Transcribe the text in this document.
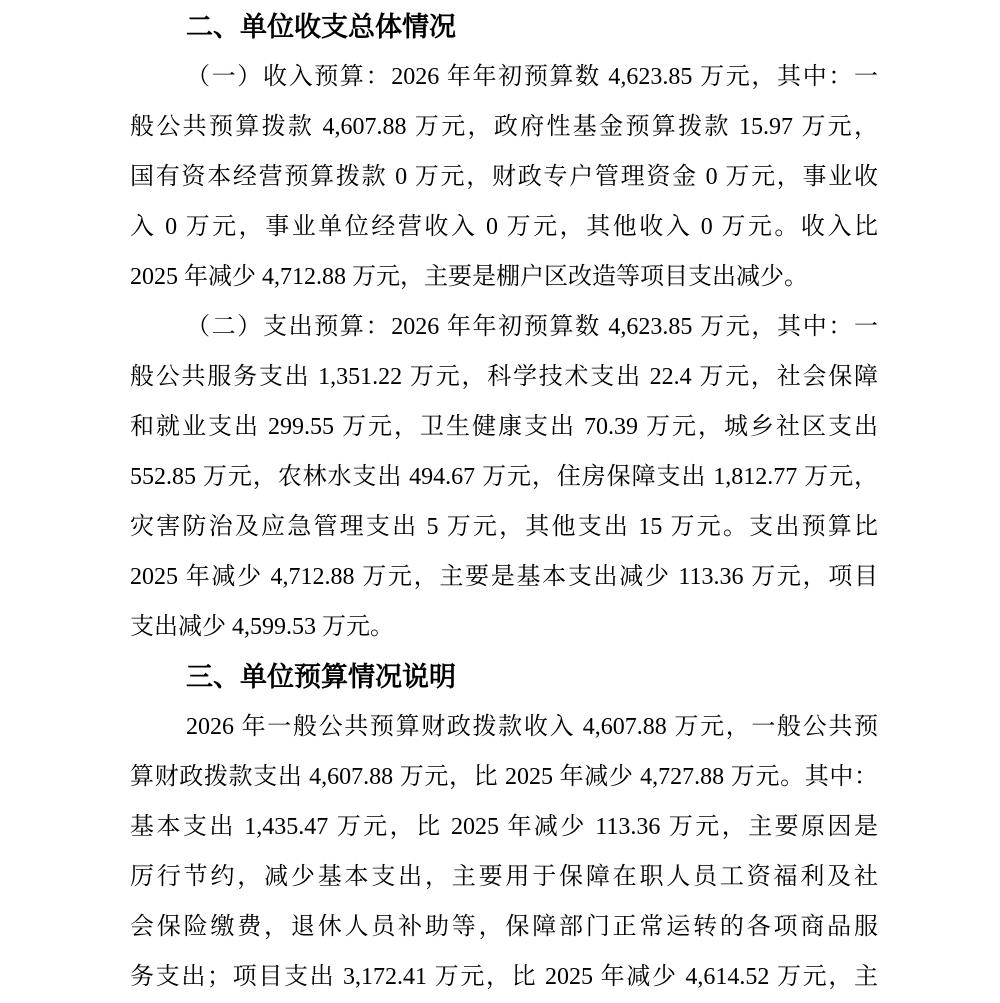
二、单位收支总体情况
（一）收入预算：2026 年年初预算数 4,623.85 万元，其中：一
般公共预算拨款 4,607.88 万元，政府性基金预算拨款 15.97 万元，
国有资本经营预算拨款 0 万元，财政专户管理资金 0 万元，事业收
入 0 万元，事业单位经营收入 0 万元，其他收入 0 万元。收入比
2025 年减少 4,712.88 万元，主要是棚户区改造等项目支出减少。
（二）支出预算：2026 年年初预算数 4,623.85 万元，其中：一
般公共服务支出 1,351.22 万元，科学技术支出 22.4 万元，社会保障
和就业支出 299.55 万元，卫生健康支出 70.39 万元，城乡社区支出
552.85 万元，农林水支出 494.67 万元，住房保障支出 1,812.77 万元，
灾害防治及应急管理支出 5 万元，其他支出 15 万元。支出预算比
2025 年减少 4,712.88 万元，主要是基本支出减少 113.36 万元，项目
支出减少 4,599.53 万元。
三、单位预算情况说明
2026 年一般公共预算财政拨款收入 4,607.88 万元，一般公共预
算财政拨款支出 4,607.88 万元，比 2025 年减少 4,727.88 万元。其中：
基本支出 1,435.47 万元，比 2025 年减少 113.36 万元，主要原因是
厉行节约，减少基本支出，主要用于保障在职人员工资福利及社
会保险缴费，退休人员补助等，保障部门正常运转的各项商品服
务支出；项目支出 3,172.41 万元，比 2025 年减少 4,614.52 万元，主
